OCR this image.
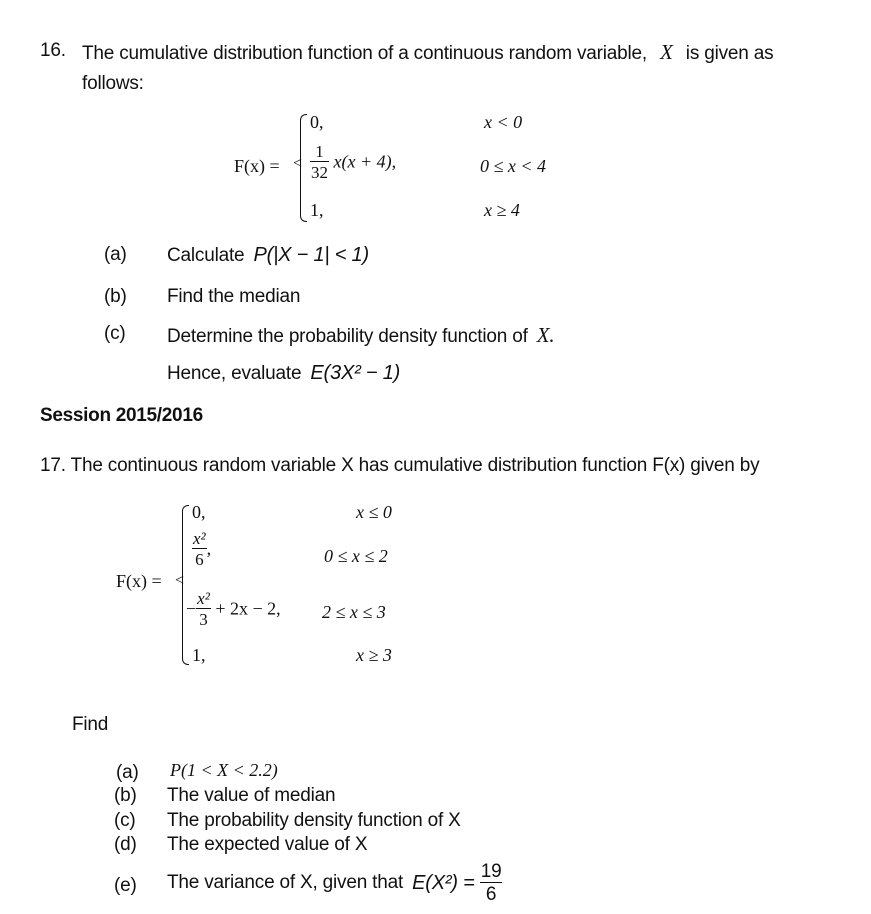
16. The cumulative distribution function of a continuous random variable, X is given as
follows:
F(x) = <
0,
$\frac{1}{32} x(x + 4)$,
1,
x < 0
0 ≤ x < 4
x ≥ 4
(a) Calculate P(|X − 1| < 1)
(b) Find the median
(c) Determine the probability density function of X.
Hence, evaluate E(3X² − 1)
Session 2015/2016
17. The continuous random variable X has cumulative distribution function F(x) given by
F(x) = <
0,
$\frac{\text{x²}}{6}$ ,
− $\frac{\text{x²}}{3} + 2x - 2$,
1,
x ≤ 0
0 ≤ x ≤ 2
2 ≤ x ≤ 3
x ≥ 3
Find
(a) P(1 < X < 2.2)
(b) The value of median
(c) The probability density function of X
(d) The expected value of X
(e) The variance of X, given that $E(X^2) = \frac{19}{6}$
